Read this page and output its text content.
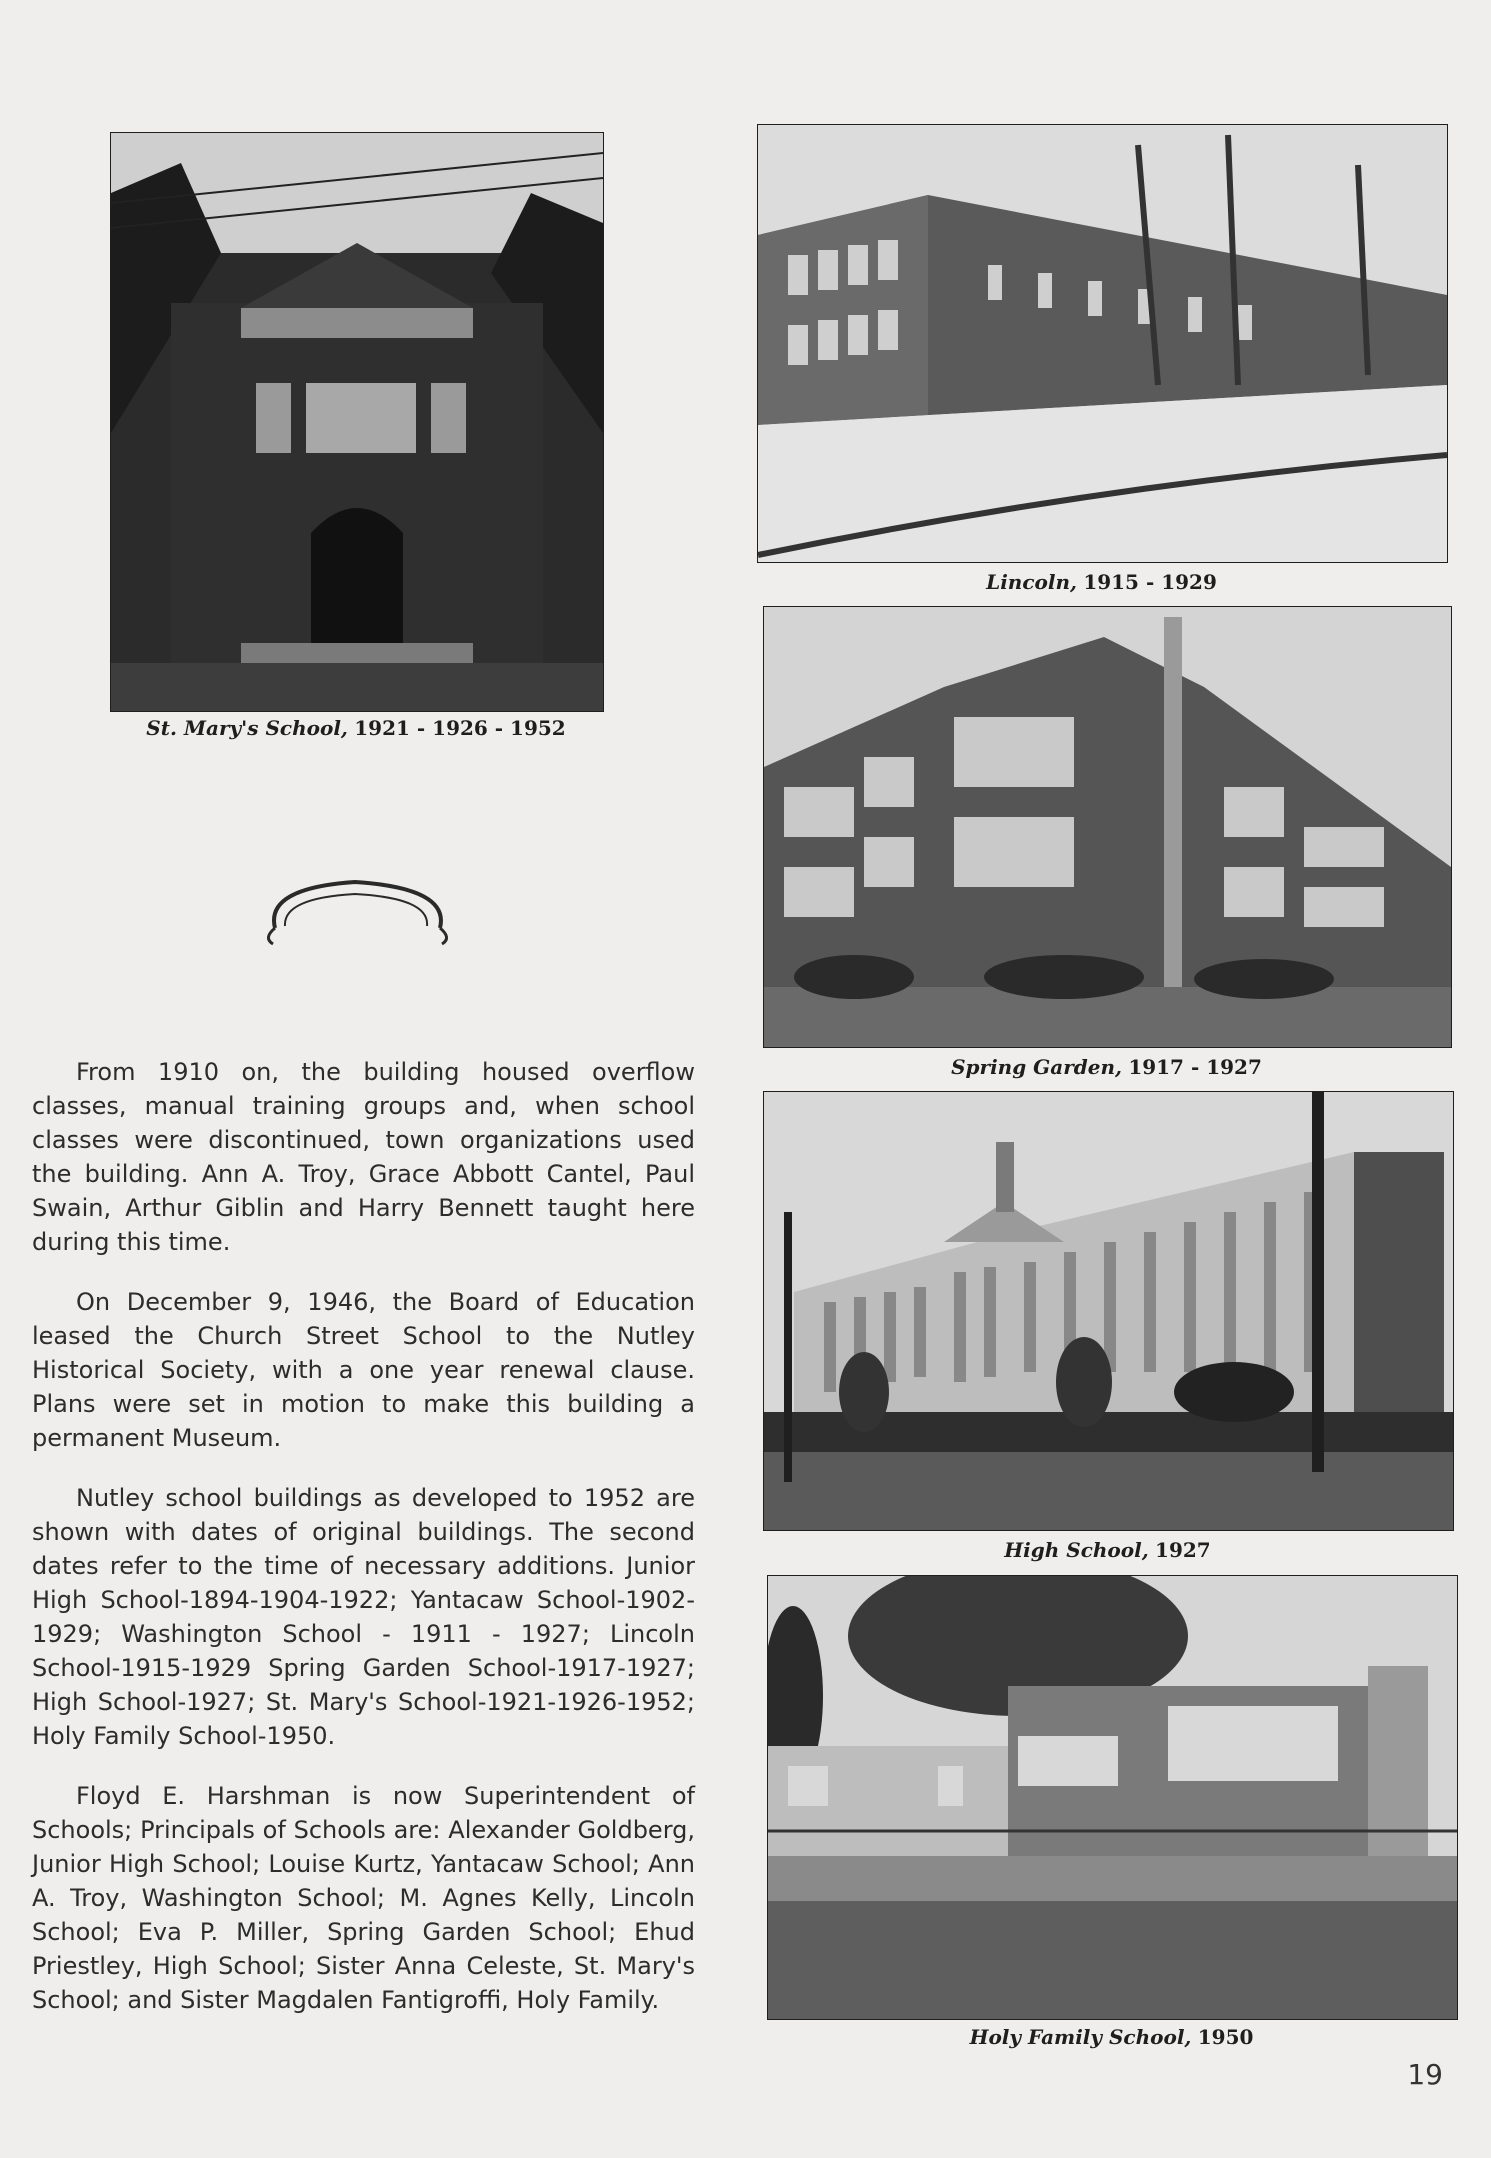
St. Mary's School, 1921 - 1926 - 1952
Lincoln, 1915 - 1929
Spring Garden, 1917 - 1927
High School, 1927
Holy Family School, 1950

From 1910 on, the building housed overflow classes, manual training groups and, when school classes were discontinued, town organizations used the building. Ann A. Troy, Grace Abbott Cantel, Paul Swain, Arthur Giblin and Harry Bennett taught here during this time.

On December 9, 1946, the Board of Education leased the Church Street School to the Nutley Historical Society, with a one year renewal clause. Plans were set in motion to make this building a permanent Museum.

Nutley school buildings as developed to 1952 are shown with dates of original buildings. The second dates refer to the time of necessary additions. Junior High School-1894-1904-1922; Yantacaw School-1902-1929; Washington School - 1911 - 1927; Lincoln School-1915-1929 Spring Garden School-1917-1927; High School-1927; St. Mary's School-1921-1926-1952; Holy Family School-1950.

Floyd E. Harshman is now Superintendent of Schools; Principals of Schools are: Alexander Goldberg, Junior High School; Louise Kurtz, Yantacaw School; Ann A. Troy, Washington School; M. Agnes Kelly, Lincoln School; Eva P. Miller, Spring Garden School; Ehud Priestley, High School; Sister Anna Celeste, St. Mary's School; and Sister Magdalen Fantigroffi, Holy Family.

19
